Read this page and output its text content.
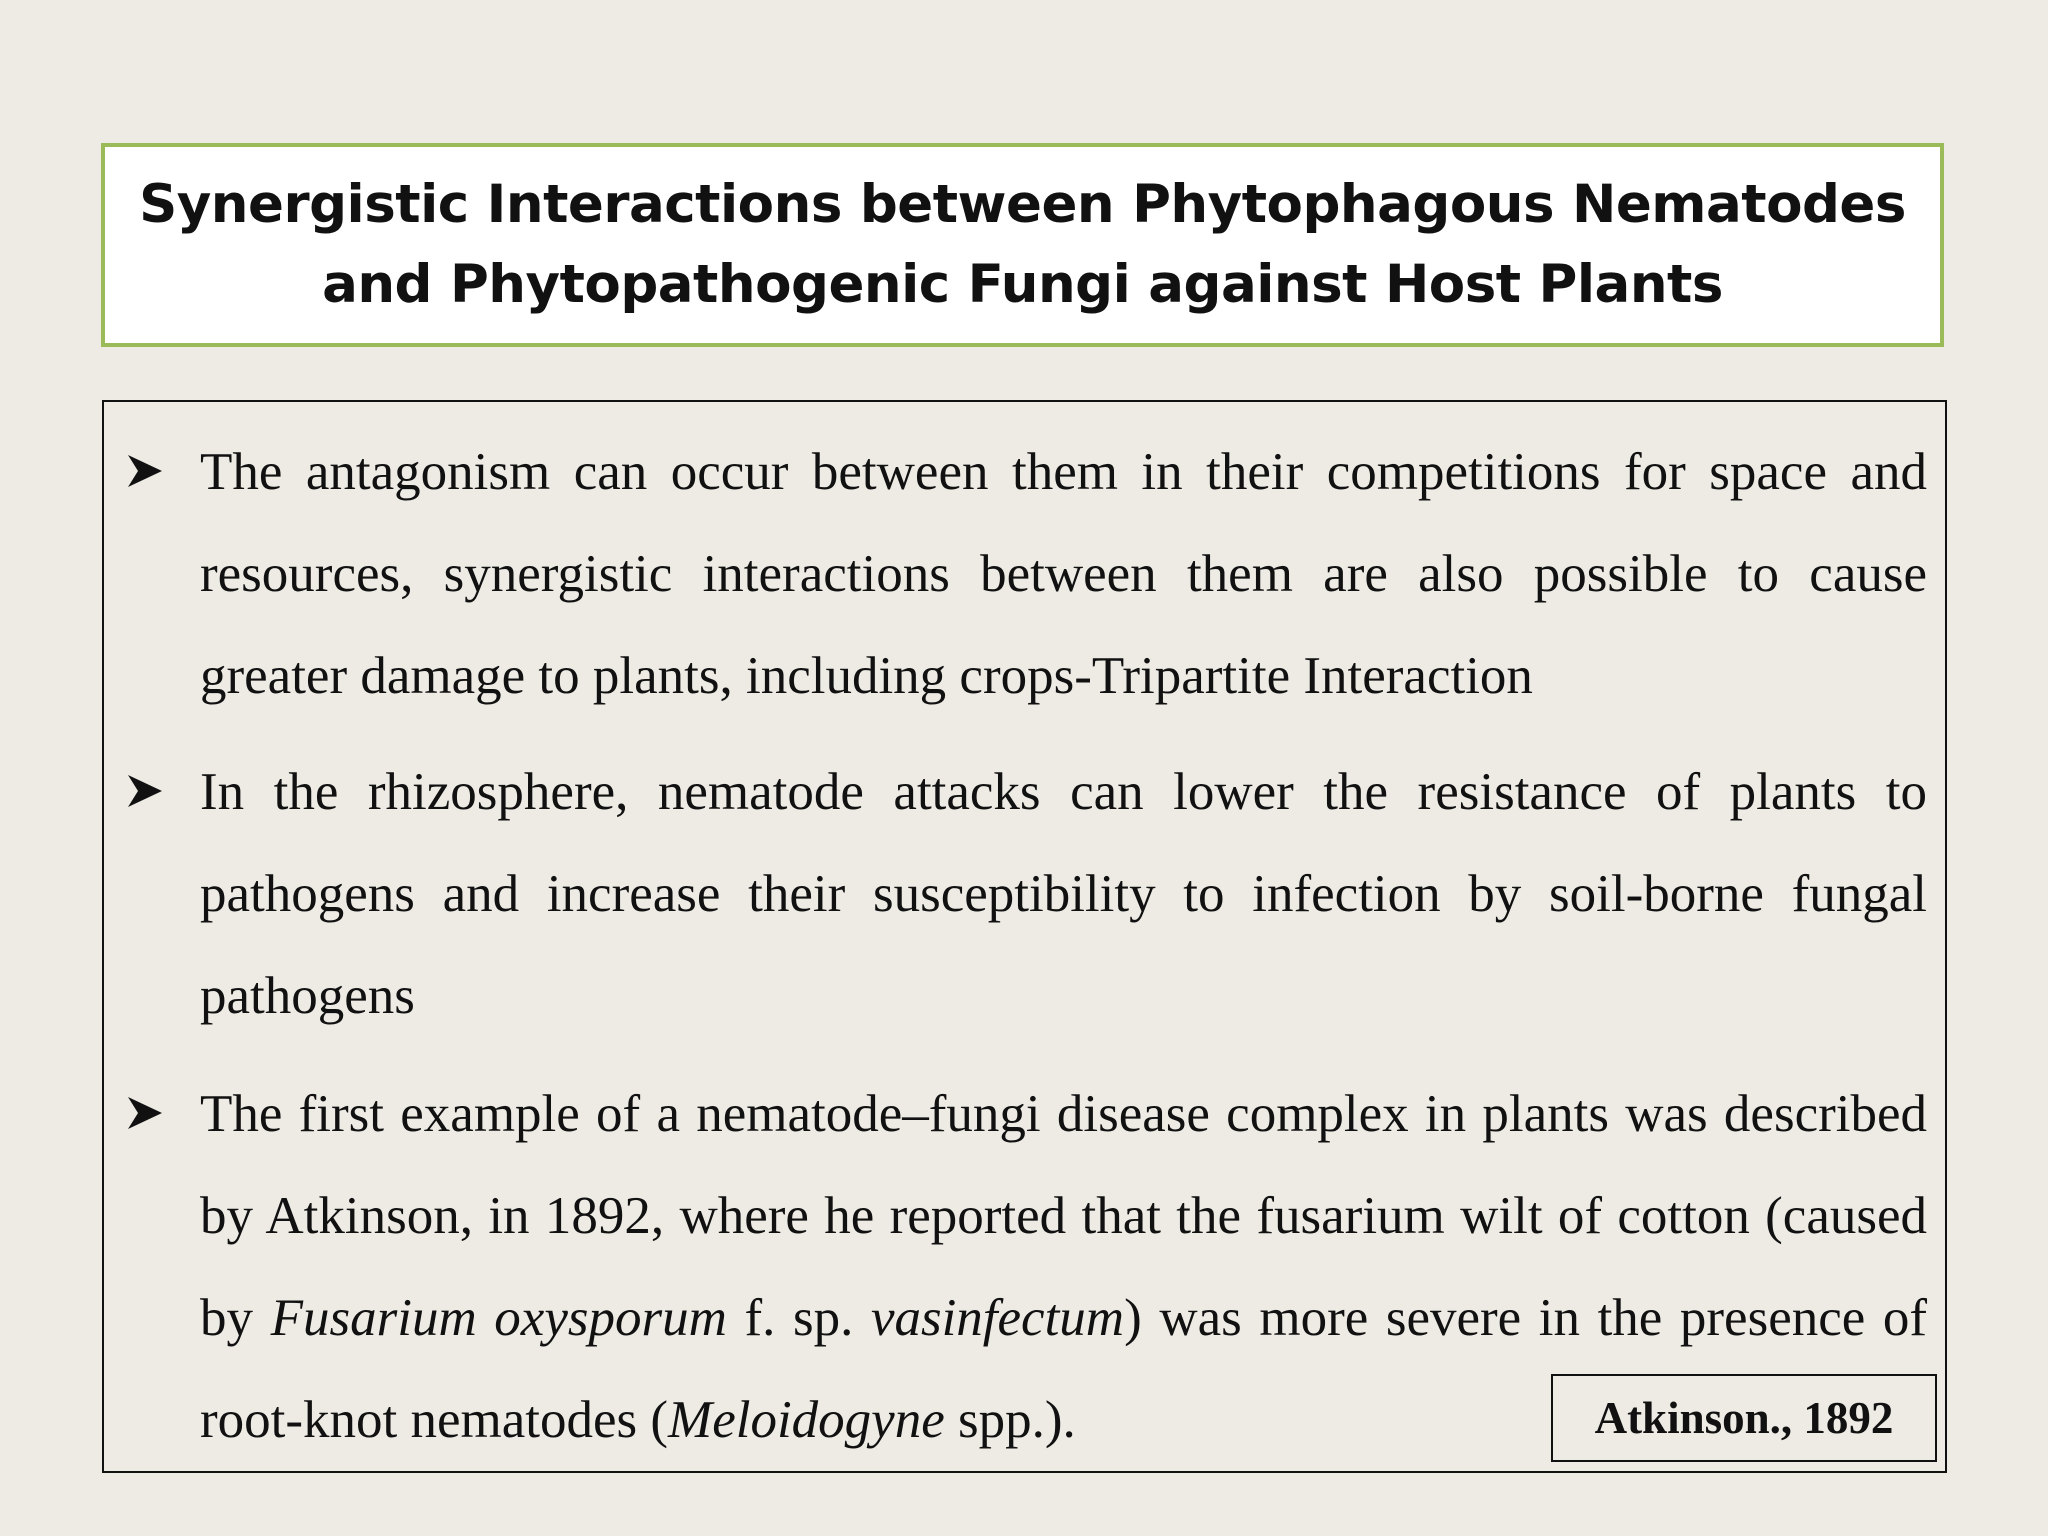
Synergistic Interactions between Phytophagous Nematodes
and Phytopathogenic Fungi against Host Plants
The antagonism can occur between them in their competitions for space and resources, synergistic interactions between them are also possible to cause greater damage to plants, including crops-Tripartite Interaction
In the rhizosphere, nematode attacks can lower the resistance of plants to pathogens and increase their susceptibility to infection by soil-borne fungal pathogens
The first example of a nematode–fungi disease complex in plants was described by Atkinson, in 1892, where he reported that the fusarium wilt of cotton (caused by Fusarium oxysporum f. sp. vasinfectum) was more severe in the presence of root-knot nematodes (Meloidogyne spp.).	Atkinson., 1892
